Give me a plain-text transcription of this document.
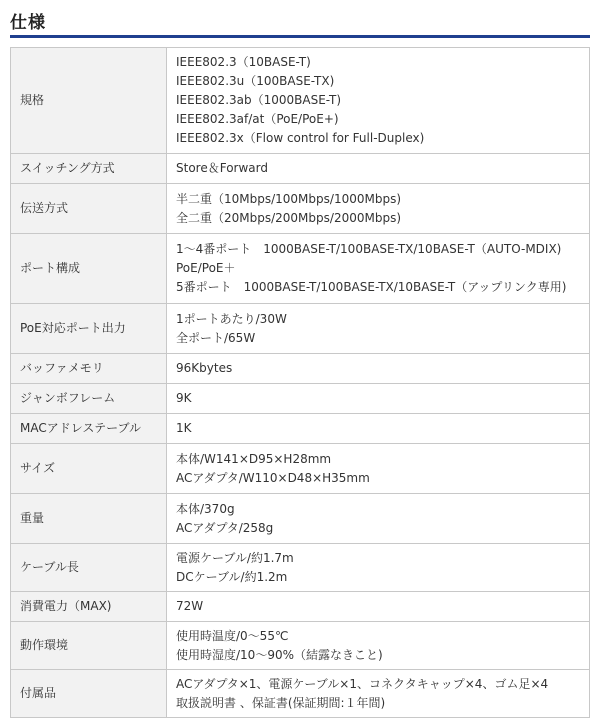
仕様
規格	IEEE802.3（10BASE-T)
IEEE802.3u（100BASE-TX)
IEEE802.3ab（1000BASE-T)
IEEE802.3af/at（PoE/PoE+)
IEEE802.3x（Flow control for Full-Duplex)

スイッチング方式	Store＆Forward

伝送方式	半二重（10Mbps/100Mbps/1000Mbps)
全二重（20Mbps/200Mbps/2000Mbps)

ポート構成	1～4番ポート　1000BASE-T/100BASE-TX/10BASE-T（AUTO-MDIX)
PoE/PoE＋
5番ポート　1000BASE-T/100BASE-TX/10BASE-T（アップリンク専用)

PoE対応ポート出力	1ポートあたり/30W
全ポート/65W

バッファメモリ	96Kbytes

ジャンボフレーム	9K

MACアドレステーブル	1K

サイズ	本体/W141×D95×H28mm
ACアダプタ/W110×D48×H35mm

重量	本体/370g
ACアダプタ/258g

ケーブル長	電源ケーブル/約1.7m
DCケーブル/約1.2m

消費電力（MAX)	72W

動作環境	使用時温度/0～55℃
使用時湿度/10～90%（結露なきこと)

付属品	ACアダプタ×1、電源ケーブル×1、コネクタキャップ×4、ゴム足×4
取扱説明書 、保証書(保証期間:１年間)
